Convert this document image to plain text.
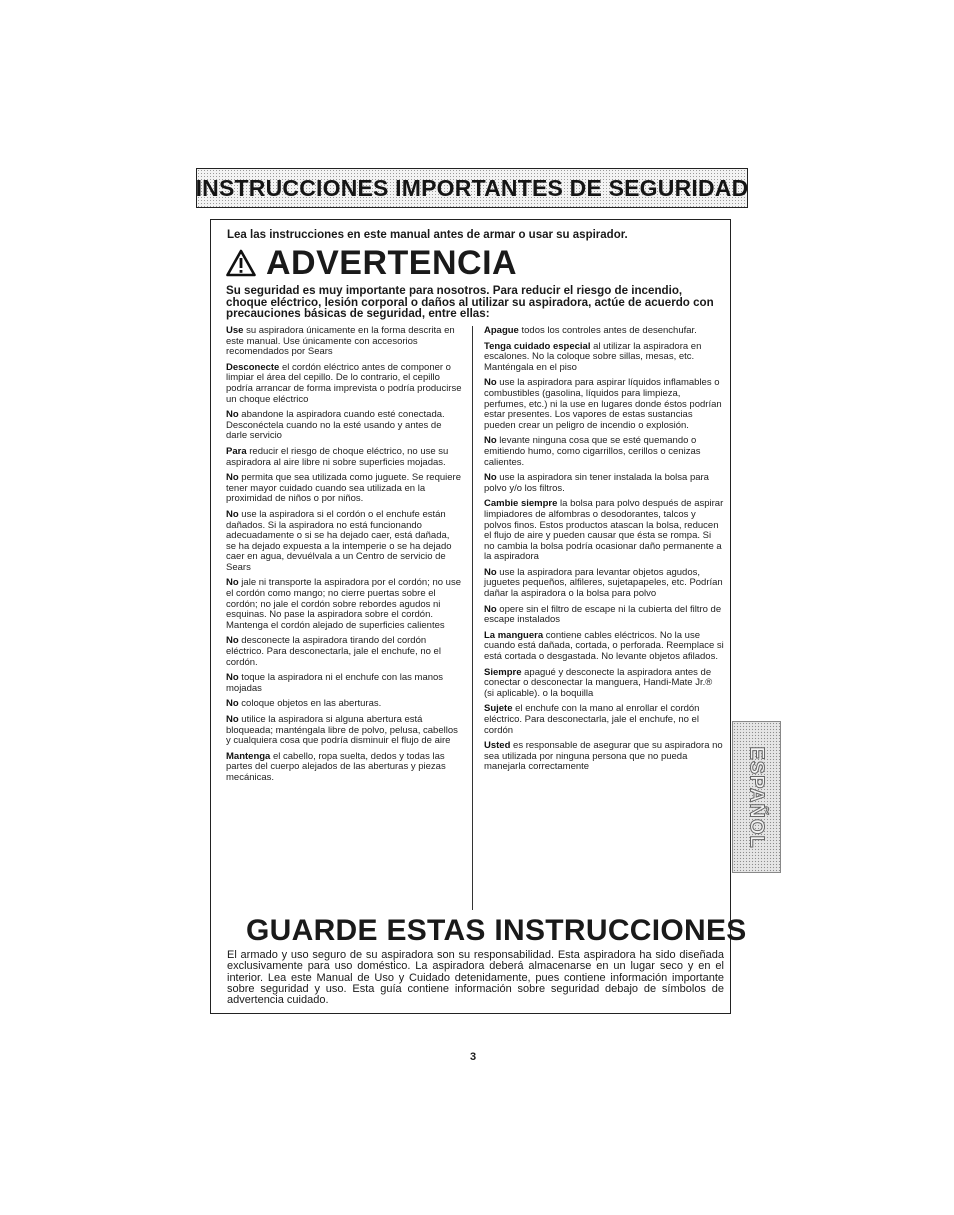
INSTRUCCIONES IMPORTANTES DE SEGURIDAD
Lea las instrucciones en este manual antes de armar o usar su aspirador.
ADVERTENCIA

Su seguridad es muy importante para nosotros. Para reducir el riesgo de incendio, choque eléctrico, lesión corporal o daños al utilizar su aspiradora, actúe de acuerdo con precauciones básicas de seguridad, entre ellas:

Use su aspiradora únicamente en la forma descrita en este manual. Use únicamente con accesorios recomendados por Sears

Desconecte el cordón eléctrico antes de componer o limpiar el área del cepillo. De lo contrario, el cepillo podría arrancar de forma imprevista o podría producirse un choque eléctrico

No abandone la aspiradora cuando esté conectada. Desconéctela cuando no la esté usando y antes de darle servicio

Para reducir el riesgo de choque eléctrico, no use su aspiradora al aire libre ni sobre superficies mojadas.

No permita que sea utilizada como juguete. Se requiere tener mayor cuidado cuando sea utilizada en la proximidad de niños o por niños.

No use la aspiradora si el cordón o el enchufe están dañados. Si la aspiradora no está funcionando adecuadamente o si se ha dejado caer, está dañada, se ha dejado expuesta a la intemperie o se ha dejado caer en agua, devuélvala a un Centro de servicio de Sears

No jale ni transporte la aspiradora por el cordón; no use el cordón como mango; no cierre puertas sobre el cordón; no jale el cordón sobre rebordes agudos ni esquinas. No pase la aspiradora sobre el cordón. Mantenga el cordón alejado de superficies calientes

No desconecte la aspiradora tirando del cordón eléctrico. Para desconectarla, jale el enchufe, no el cordón.

No toque la aspiradora ni el enchufe con las manos mojadas

No coloque objetos en las aberturas.

No utilice la aspiradora si alguna abertura está bloqueada; manténgala libre de polvo, pelusa, cabellos y cualquiera cosa que podría disminuir el flujo de aire

Mantenga el cabello, ropa suelta, dedos y todas las partes del cuerpo alejados de las aberturas y piezas mecánicas.

Apague todos los controles antes de desenchufar.

Tenga cuidado especial al utilizar la aspiradora en escalones. No la coloque sobre sillas, mesas, etc. Manténgala en el piso

No use la aspiradora para aspirar líquidos inflamables o combustibles (gasolina, líquidos para limpieza, perfumes, etc.) ni la use en lugares donde éstos podrían estar presentes. Los vapores de estas sustancias pueden crear un peligro de incendio o explosión.

No levante ninguna cosa que se esté quemando o emitiendo humo, como cigarrillos, cerillos o cenizas calientes.

No use la aspiradora sin tener instalada la bolsa para polvo y/o los filtros.

Cambie siempre la bolsa para polvo después de aspirar limpiadores de alfombras o desodorantes, talcos y polvos finos. Estos productos atascan la bolsa, reducen el flujo de aire y pueden causar que ésta se rompa. Si no cambia la bolsa podría ocasionar daño permanente a la aspiradora

No use la aspiradora para levantar objetos agudos, juguetes pequeños, alfileres, sujetapapeles, etc. Podrían dañar la aspiradora o la bolsa para polvo

No opere sin el filtro de escape ni la cubierta del filtro de escape instalados

La manguera contiene cables eléctricos. No la use cuando está dañada, cortada, o perforada. Reemplace si está cortada o desgastada. No levante objetos afilados.

Siempre apagué y desconecte la aspiradora antes de conectar o desconectar la manguera, Handi-Mate Jr.® (si aplicable). o la boquilla

Sujete el enchufe con la mano al enrollar el cordón eléctrico. Para desconectarla, jale el enchufe, no el cordón

Usted es responsable de asegurar que su aspiradora no sea utilizada por ninguna persona que no pueda manejarla correctamente

GUARDE ESTAS INSTRUCCIONES

El armado y uso seguro de su aspiradora son su responsabilidad. Esta aspiradora ha sido diseñada exclusivamente para uso doméstico. La aspiradora deberá almacenarse en un lugar seco y en el interior. Lea este Manual de Uso y Cuidado detenidamente, pues contiene información importante sobre seguridad y uso. Esta guía contiene información sobre seguridad debajo de símbolos de advertencia cuidado.

3
ESPAÑOL
